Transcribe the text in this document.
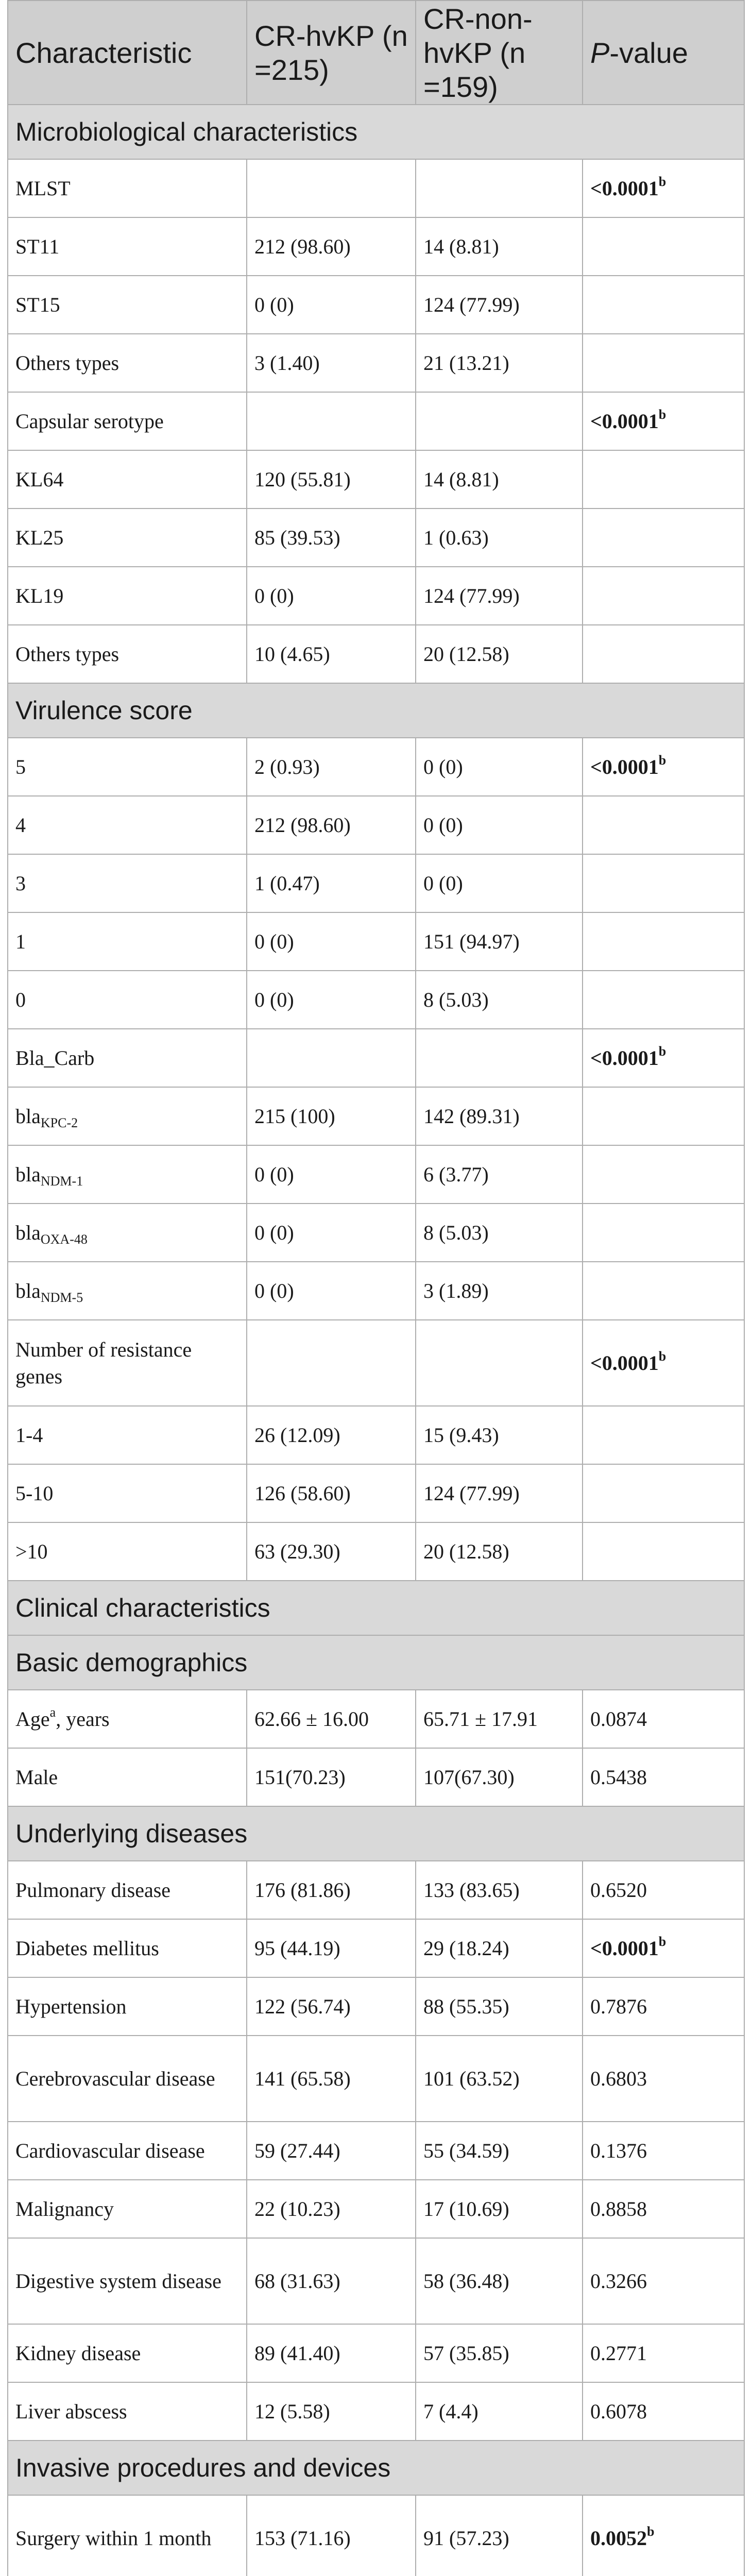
Characteristic	CR-hvKP (n =215)	CR-non-hvKP (n =159)	P-value
Microbiological characteristics			
MLST			<0.0001$^b$
ST11	212 (98.60)	14 (8.81)	
ST15	0 (0)	124 (77.99)	
Others types	3 (1.40)	21 (13.21)	
Capsular serotype			<0.0001$^b$
KL64	120 (55.81)	14 (8.81)	
KL25	85 (39.53)	1 (0.63)	
KL19	0 (0)	124 (77.99)	
Others types	10 (4.65)	20 (12.58)	
Virulence score			
5	2 (0.93)	0 (0)	<0.0001$^b$
4	212 (98.60)	0 (0)	
3	1 (0.47)	0 (0)	
1	0 (0)	151 (94.97)	
0	0 (0)	8 (5.03)	
Bla_Carb			<0.0001$^b$
bla$_{KPC-2}$	215 (100)	142 (89.31)	
bla$_{NDM-1}$	0 (0)	6 (3.77)	
bla$_{OXA-48}$	0 (0)	8 (5.03)	
bla$_{NDM-5}$	0 (0)	3 (1.89)	
Number of resistance genes			<0.0001$^b$
1-4	26 (12.09)	15 (9.43)	
5-10	126 (58.60)	124 (77.99)	
>10	63 (29.30)	20 (12.58)	
Clinical characteristics			
Basic demographics			
Age$^a$, years	62.66 ± 16.00	65.71 ± 17.91	0.0874
Male	151(70.23)	107(67.30)	0.5438
Underlying diseases			
Pulmonary disease	176 (81.86)	133 (83.65)	0.6520
Diabetes mellitus	95 (44.19)	29 (18.24)	<0.0001$^b$
Hypertension	122 (56.74)	88 (55.35)	0.7876
Cerebrovascular disease	141 (65.58)	101 (63.52)	0.6803
Cardiovascular disease	59 (27.44)	55 (34.59)	0.1376
Malignancy	22 (10.23)	17 (10.69)	0.8858
Digestive system disease	68 (31.63)	58 (36.48)	0.3266
Kidney disease	89 (41.40)	57 (35.85)	0.2771
Liver abscess	12 (5.58)	7 (4.4)	0.6078
Invasive procedures and devices			
Surgery within 1 month	153 (71.16)	91 (57.23)	0.0052$^b$
